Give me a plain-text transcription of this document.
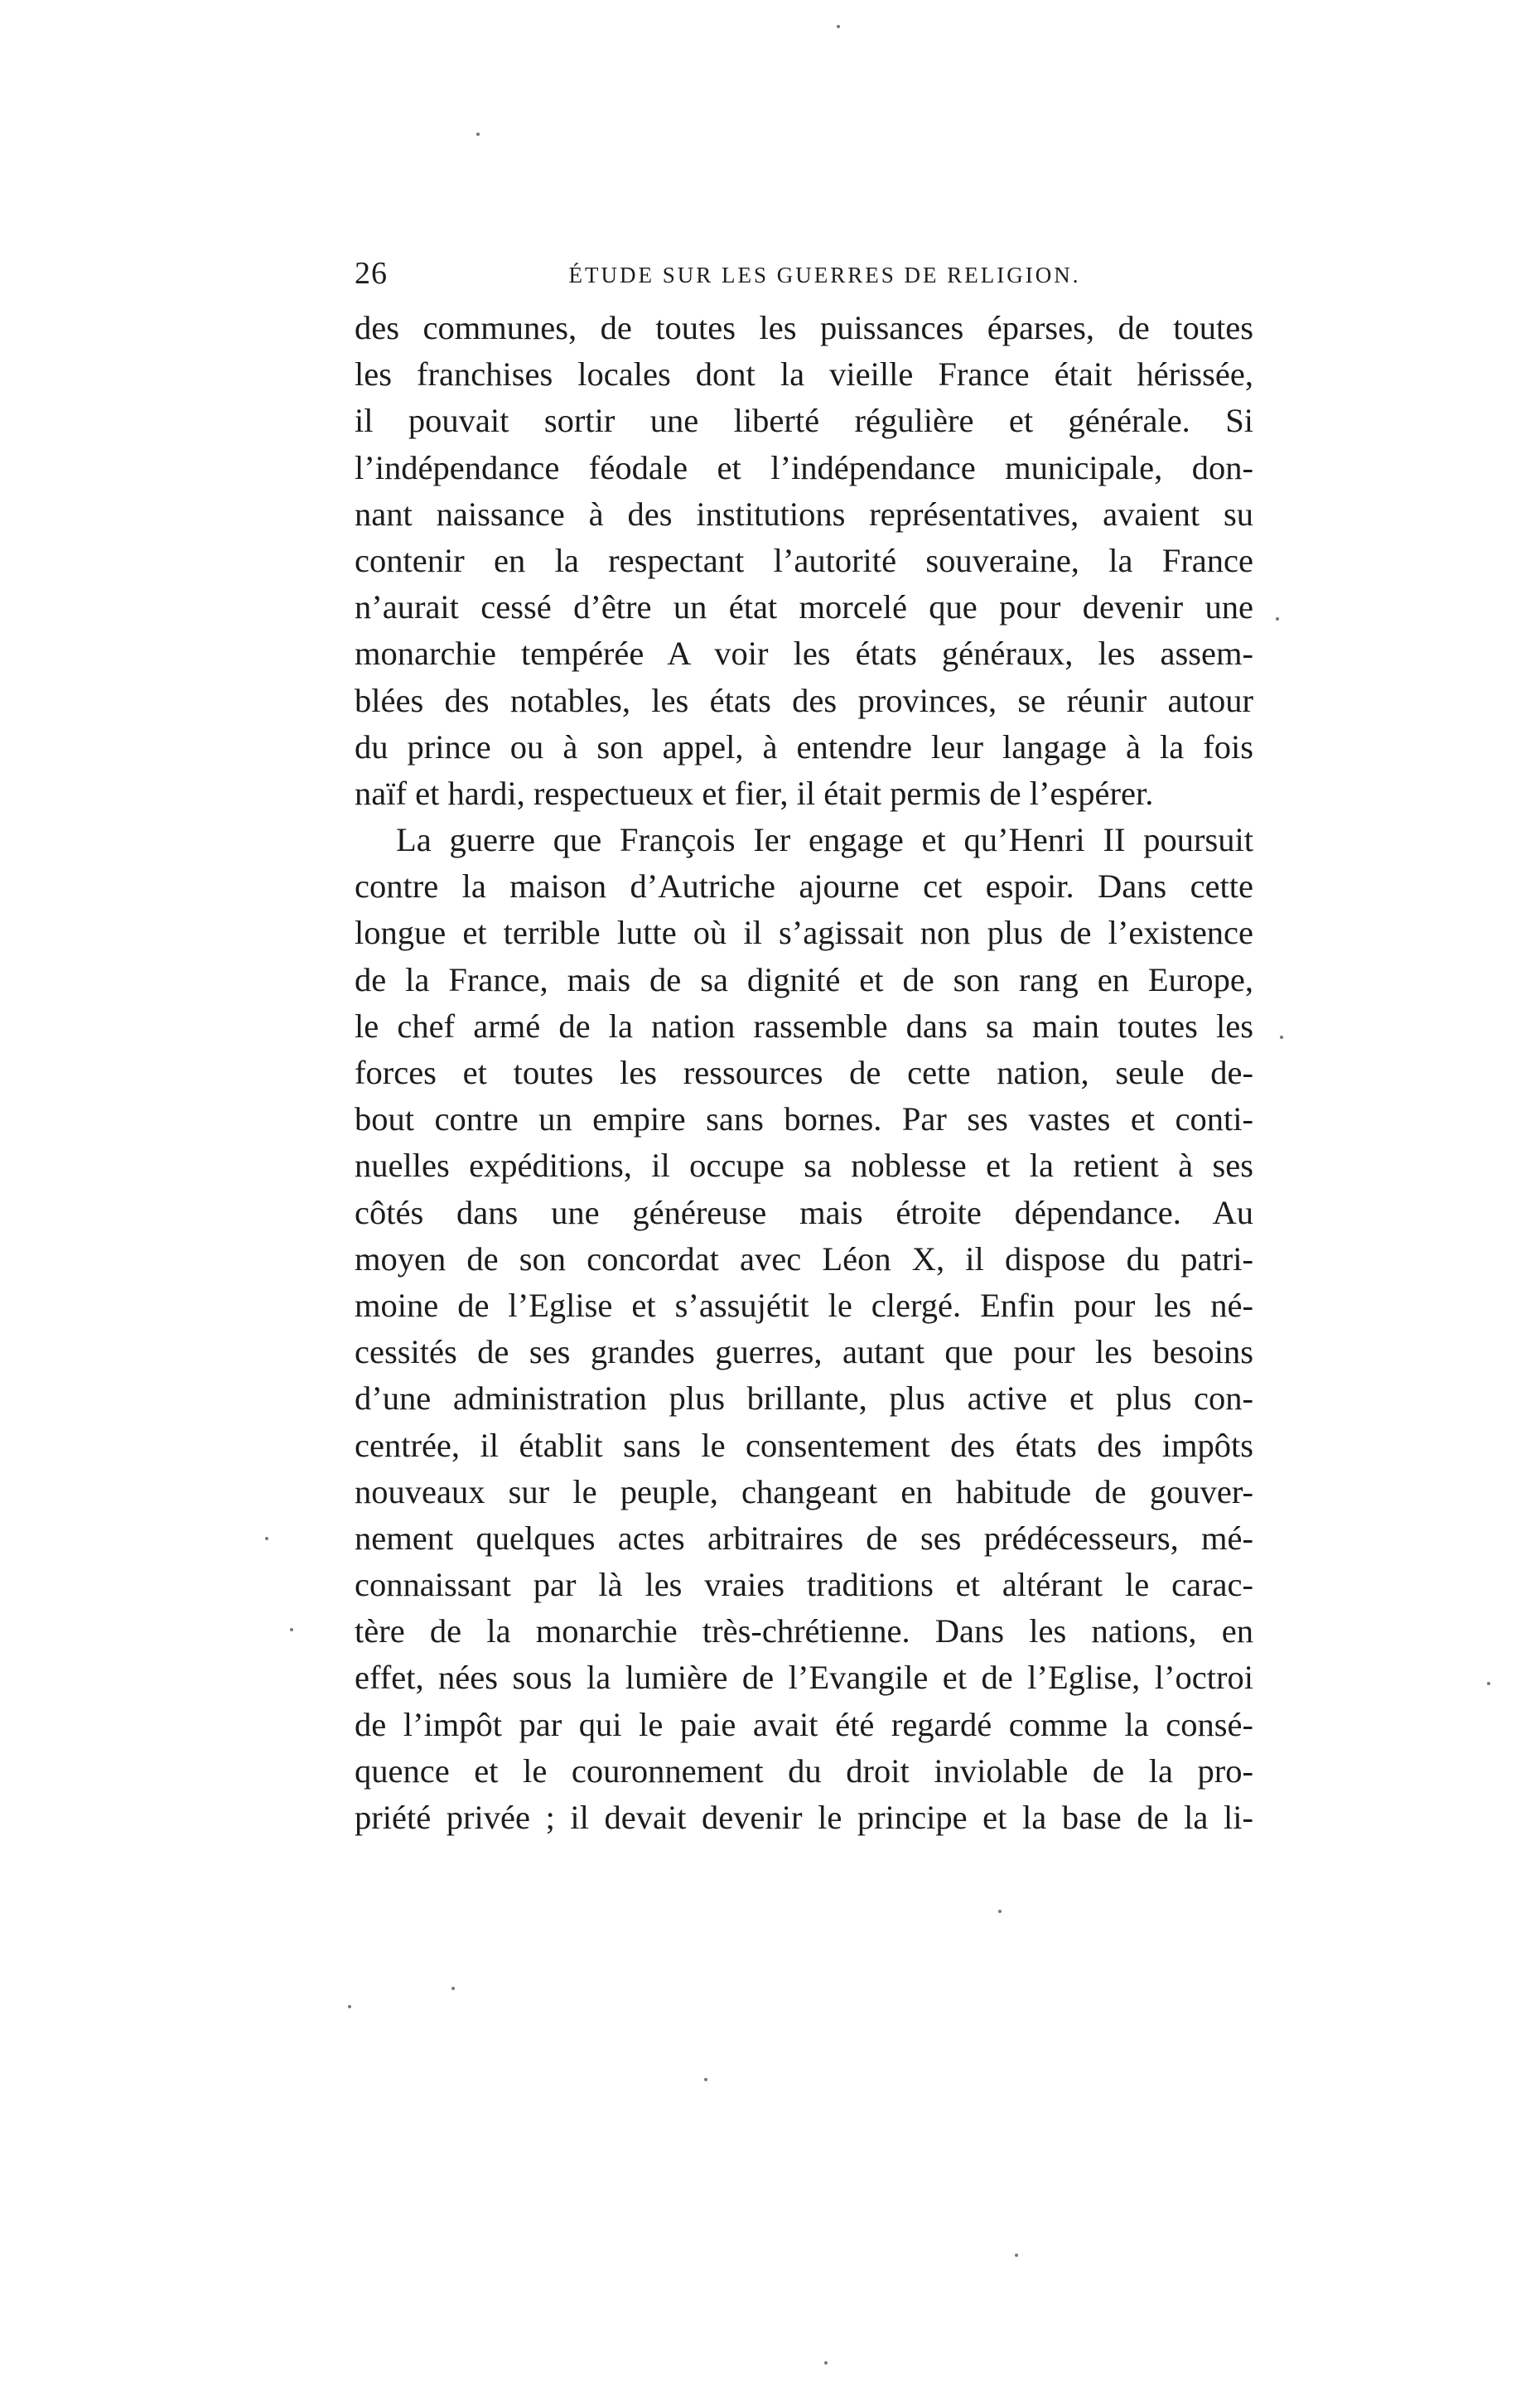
26	ÉTUDE SUR LES GUERRES DE RELIGION.
des communes, de toutes les puissances éparses, de toutes
les franchises locales dont la vieille France était hérissée,
il pouvait sortir une liberté régulière et générale. Si
l’indépendance féodale et l’indépendance municipale, don-
nant naissance à des institutions représentatives, avaient su
contenir en la respectant l’autorité souveraine, la France
n’aurait cessé d’être un état morcelé que pour devenir une
monarchie tempérée A voir les états généraux, les assem-
blées des notables, les états des provinces, se réunir autour
du prince ou à son appel, à entendre leur langage à la fois
naïf et hardi, respectueux et fier, il était permis de l’espérer.
La guerre que François Ier engage et qu’Henri II poursuit
contre la maison d’Autriche ajourne cet espoir. Dans cette
longue et terrible lutte où il s’agissait non plus de l’existence
de la France, mais de sa dignité et de son rang en Europe,
le chef armé de la nation rassemble dans sa main toutes les
forces et toutes les ressources de cette nation, seule de-
bout contre un empire sans bornes. Par ses vastes et conti-
nuelles expéditions, il occupe sa noblesse et la retient à ses
côtés dans une généreuse mais étroite dépendance. Au
moyen de son concordat avec Léon X, il dispose du patri-
moine de l’Eglise et s’assujétit le clergé. Enfin pour les né-
cessités de ses grandes guerres, autant que pour les besoins
d’une administration plus brillante, plus active et plus con-
centrée, il établit sans le consentement des états des impôts
nouveaux sur le peuple, changeant en habitude de gouver-
nement quelques actes arbitraires de ses prédécesseurs, mé-
connaissant par là les vraies traditions et altérant le carac-
tère de la monarchie très-chrétienne. Dans les nations, en
effet, nées sous la lumière de l’Evangile et de l’Eglise, l’octroi
de l’impôt par qui le paie avait été regardé comme la consé-
quence et le couronnement du droit inviolable de la pro-
priété privée ; il devait devenir le principe et la base de la li-
